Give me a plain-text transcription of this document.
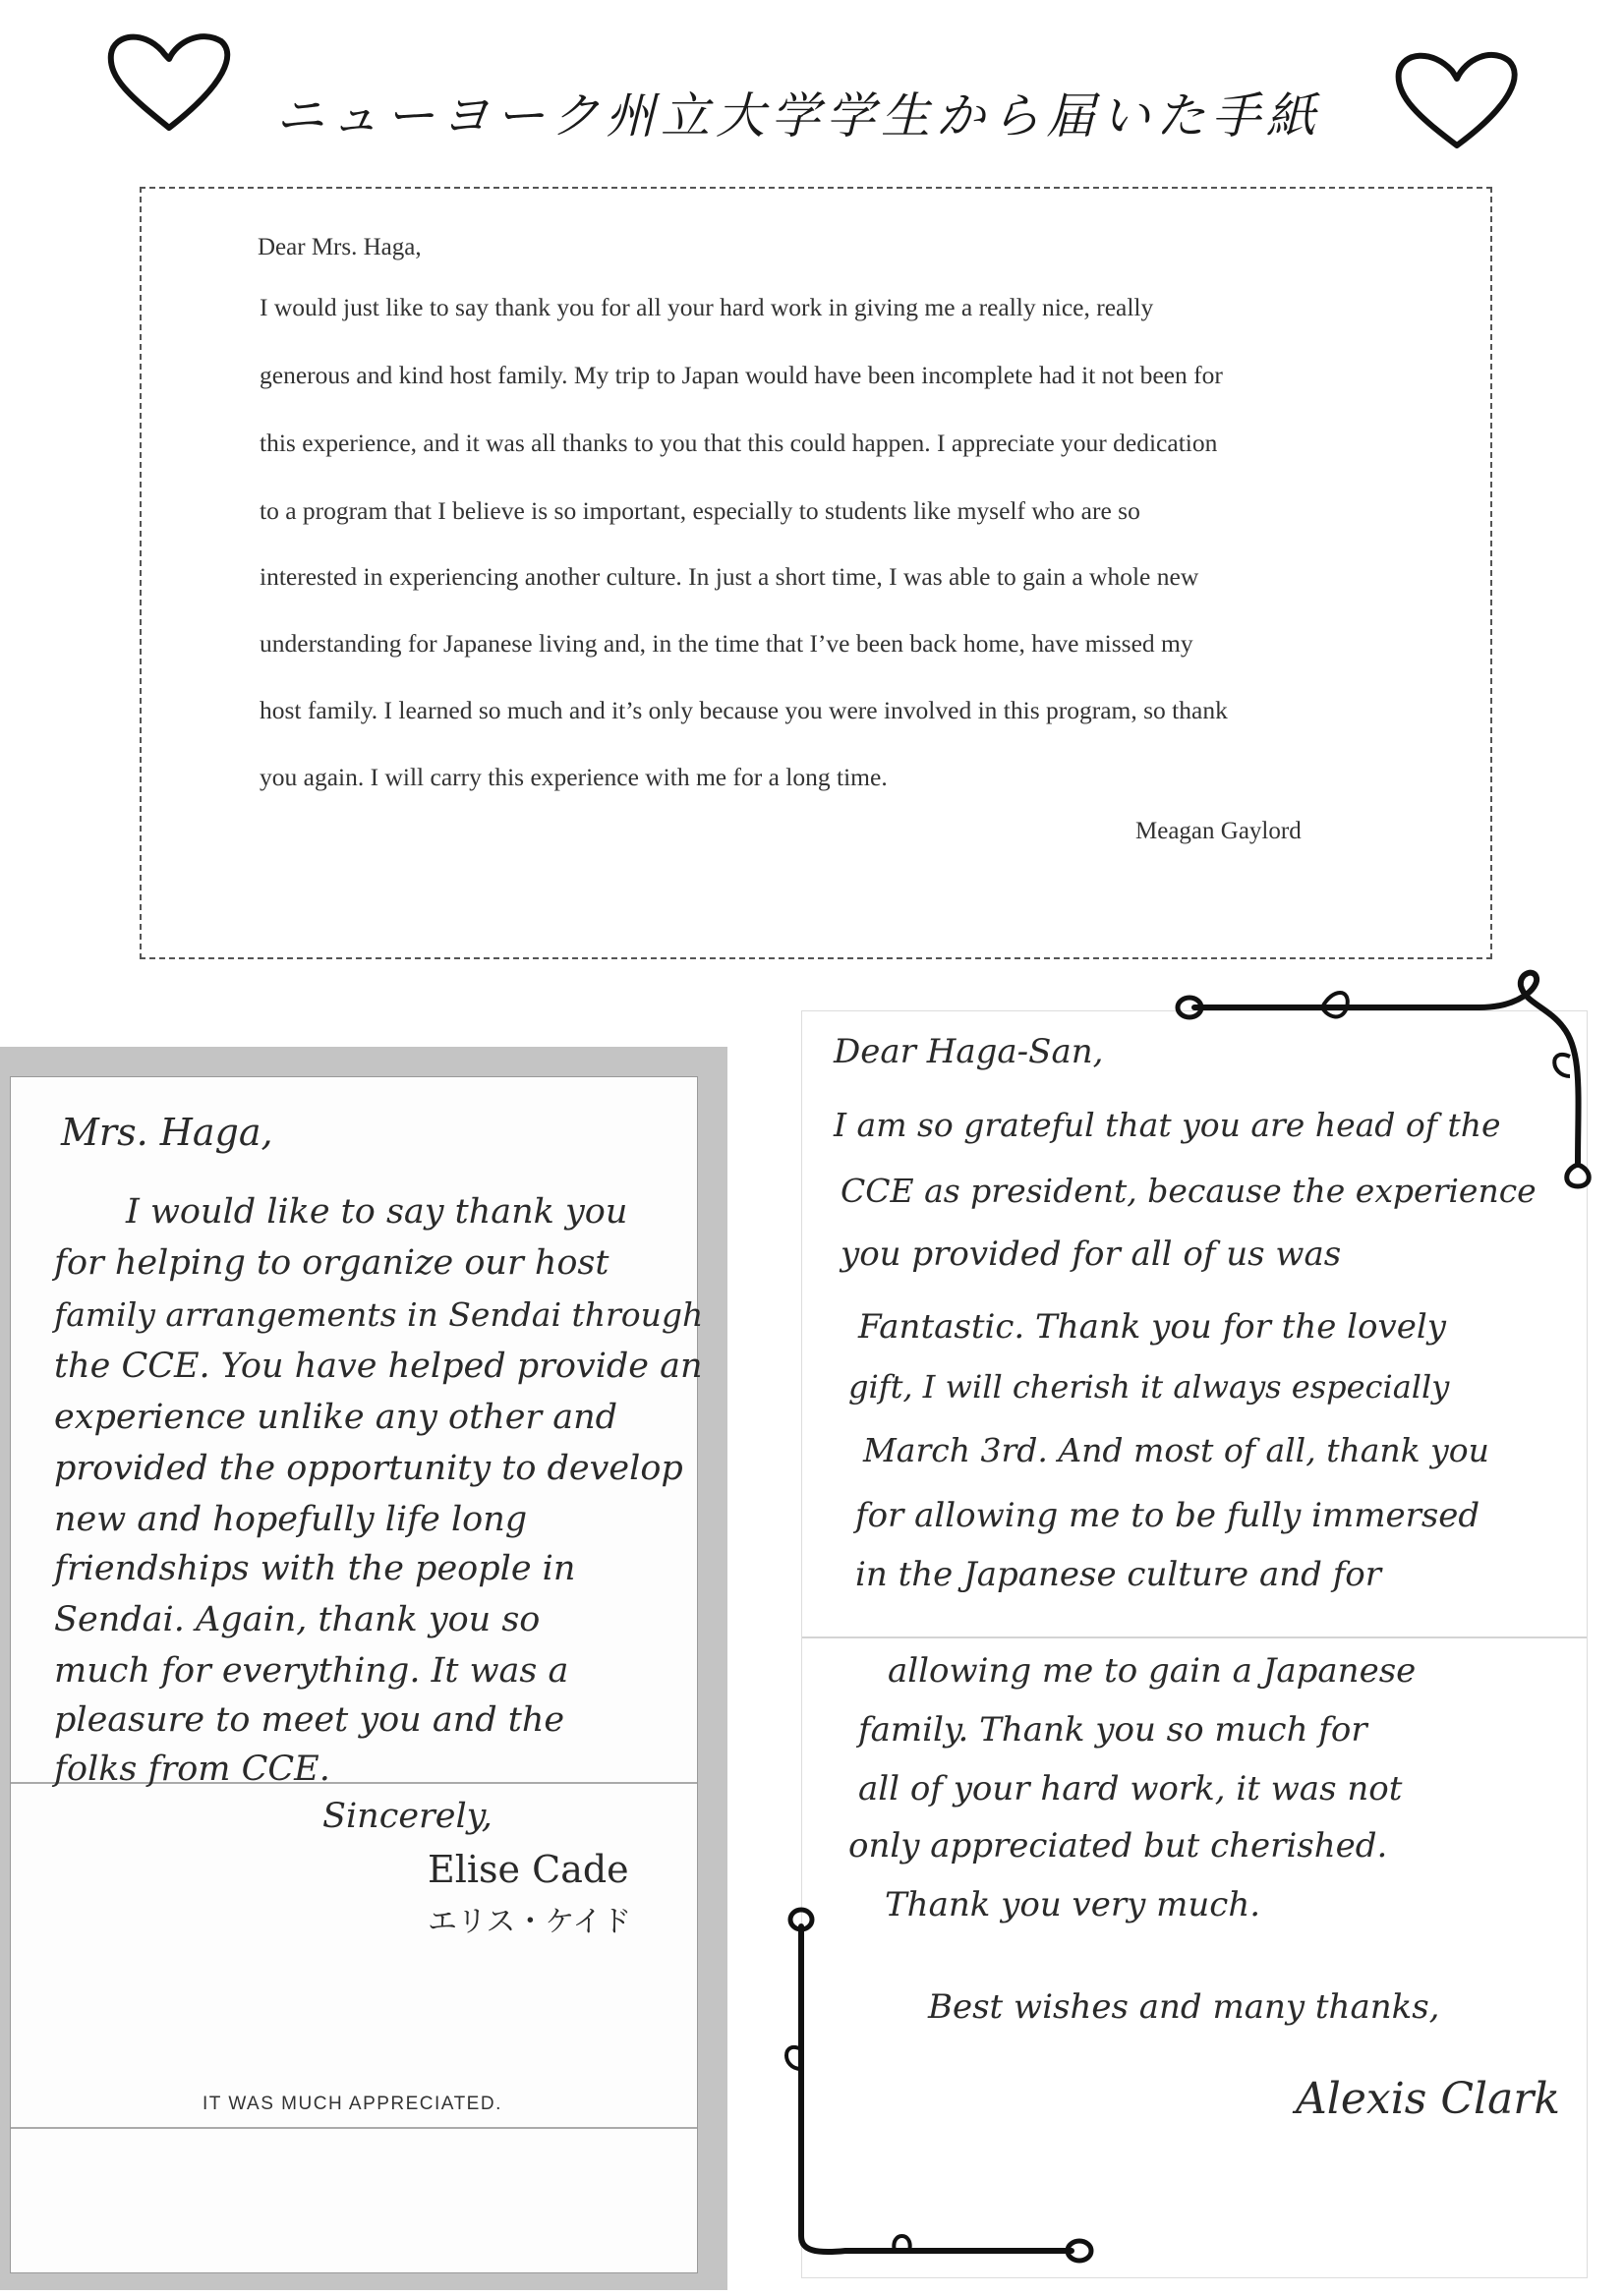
ニューヨーク州立大学学生から届いた手紙
Dear Mrs. Haga,
I would just like to say thank you for all your hard work in giving me a really nice, really
generous and kind host family. My trip to Japan would have been incomplete had it not been for
this experience, and it was all thanks to you that this could happen. I appreciate your dedication
to a program that I believe is so important, especially to students like myself who are so
interested in experiencing another culture. In just a short time, I was able to gain a whole new
understanding for Japanese living and, in the time that I’ve been back home, have missed my
host family. I learned so much and it’s only because you were involved in this program, so thank
you again. I will carry this experience with me for a long time.
Meagan Gaylord
Mrs. Haga,
I would like to say thank you
for helping to organize our host
family arrangements in Sendai through
the CCE. You have helped provide an
experience unlike any other and
provided the opportunity to develop
new and hopefully life long
friendships with the people in
Sendai. Again, thank you so
much for everything. It was a
pleasure to meet you and the
folks from CCE.
Sincerely,
Elise Cade
エリス・ケイド
IT WAS MUCH APPRECIATED.
Dear Haga-San,
I am so grateful that you are head of the
CCE as president, because the experience
you provided for all of us was
Fantastic. Thank you for the lovely
gift, I will cherish it always especially
March 3rd. And most of all, thank you
for allowing me to be fully immersed
in the Japanese culture and for
allowing me to gain a Japanese
family. Thank you so much for
all of your hard work, it was not
only appreciated but cherished.
Thank you very much.
Best wishes and many thanks,
Alexis Clark
